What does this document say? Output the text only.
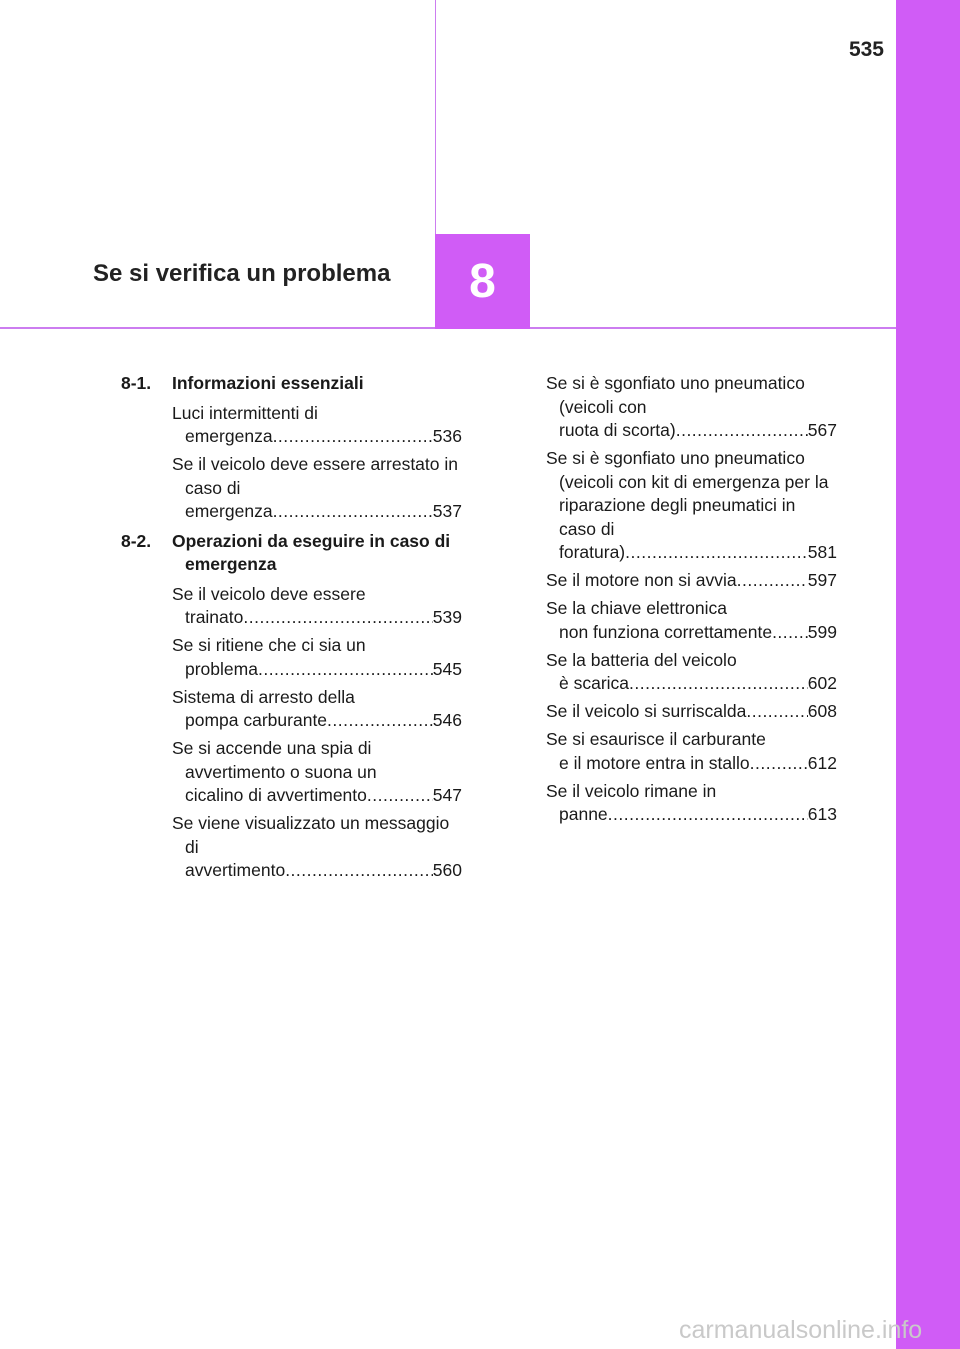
535
Se si verifica un problema 8
8-1. Informazioni essenziali
Luci intermittenti di
emergenza .....	536
Se il veicolo deve essere arrestato in caso di
emergenza .....	537
8-2. Operazioni da eseguire in caso di emergenza
Se il veicolo deve essere
trainato .....	539
Se si ritiene che ci sia un
problema .....	545
Sistema di arresto della
pompa carburante .....	546
Se si accende una spia di avvertimento o suona un
cicalino di avvertimento .....	547
Se viene visualizzato un messaggio di
avvertimento .....	560
Se si è sgonfiato uno pneumatico (veicoli con
ruota di scorta) .....	567
Se si è sgonfiato uno pneumatico (veicoli con kit di emergenza per la riparazione degli pneumatici in caso di
foratura) .....	581
Se il motore non si avvia .....	597
Se la chiave elettronica
non funziona correttamente ..... 599
Se la batteria del veicolo
è scarica .....	602
Se il veicolo si surriscalda .....	608
Se si esaurisce il carburante
e il motore entra in stallo .....	612
Se il veicolo rimane in
panne .....	613
carmanualsonline.info
